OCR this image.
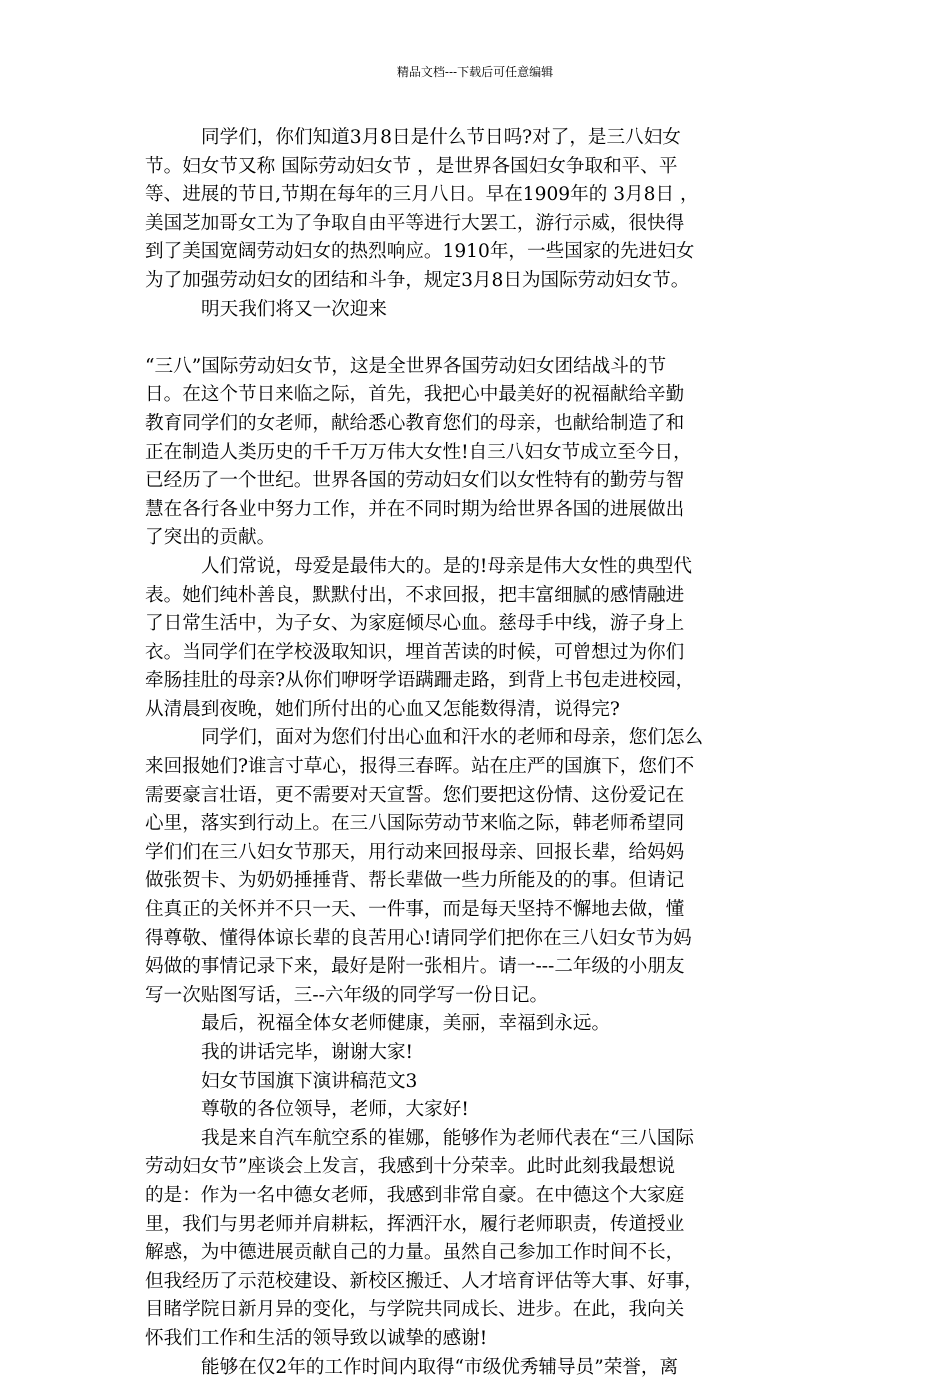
精品文档---下载后可任意编辑
同学们，你们知道3月8日是什么节日吗?对了，是三八妇女
节。妇女节又称 国际劳动妇女节 ，是世界各国妇女争取和平、平
等、进展的节日,节期在每年的三月八日。早在1909年的 3月8日 ，
美国芝加哥女工为了争取自由平等进行大罢工，游行示威，很快得
到了美国宽阔劳动妇女的热烈响应。1910年，一些国家的先进妇女
为了加强劳动妇女的团结和斗争，规定3月8日为国际劳动妇女节。
明天我们将又一次迎来
“三八”国际劳动妇女节，这是全世界各国劳动妇女团结战斗的节
日。在这个节日来临之际，首先，我把心中最美好的祝福献给辛勤
教育同学们的女老师，献给悉心教育您们的母亲，也献给制造了和
正在制造人类历史的千千万万伟大女性!自三八妇女节成立至今日，
已经历了一个世纪。世界各国的劳动妇女们以女性特有的勤劳与智
慧在各行各业中努力工作，并在不同时期为给世界各国的进展做出
了突出的贡献。
人们常说，母爱是最伟大的。是的!母亲是伟大女性的典型代
表。她们纯朴善良，默默付出，不求回报，把丰富细腻的感情融进
了日常生活中，为子女、为家庭倾尽心血。慈母手中线，游子身上
衣。当同学们在学校汲取知识，埋首苦读的时候，可曾想过为你们
牵肠挂肚的母亲?从你们咿呀学语蹒跚走路，到背上书包走进校园，
从清晨到夜晚，她们所付出的心血又怎能数得清，说得完?
同学们，面对为您们付出心血和汗水的老师和母亲，您们怎么
来回报她们?谁言寸草心，报得三春晖。站在庄严的国旗下，您们不
需要豪言壮语，更不需要对天宣誓。您们要把这份情、这份爱记在
心里，落实到行动上。在三八国际劳动节来临之际，韩老师希望同
学们们在三八妇女节那天，用行动来回报母亲、回报长辈，给妈妈
做张贺卡、为奶奶捶捶背、帮长辈做一些力所能及的的事。但请记
住真正的关怀并不只一天、一件事，而是每天坚持不懈地去做，懂
得尊敬、懂得体谅长辈的良苦用心!请同学们把你在三八妇女节为妈
妈做的事情记录下来，最好是附一张相片。请一---二年级的小朋友
写一次贴图写话，三--六年级的同学写一份日记。
最后，祝福全体女老师健康，美丽，幸福到永远。
我的讲话完毕，谢谢大家!
妇女节国旗下演讲稿范文3
尊敬的各位领导，老师，大家好!
我是来自汽车航空系的崔娜，能够作为老师代表在“三八国际
劳动妇女节”座谈会上发言，我感到十分荣幸。此时此刻我最想说
的是：作为一名中德女老师，我感到非常自豪。在中德这个大家庭
里，我们与男老师并肩耕耘，挥洒汗水，履行老师职责，传道授业
解惑，为中德进展贡献自己的力量。虽然自己参加工作时间不长，
但我经历了示范校建设、新校区搬迁、人才培育评估等大事、好事，
目睹学院日新月异的变化，与学院共同成长、进步。在此，我向关
怀我们工作和生活的领导致以诚挚的感谢!
能够在仅2年的工作时间内取得“市级优秀辅导员”荣誉，离
